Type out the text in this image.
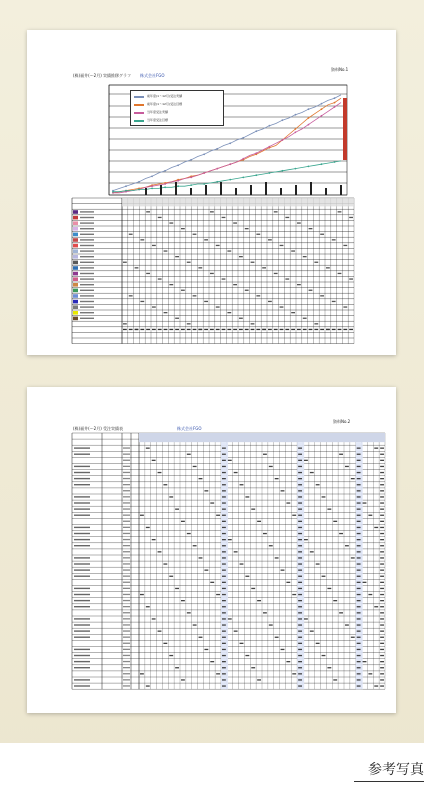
(株)福井(〜2月) 実績推移グラフ 株式会社FGO
資料No.1
前年度(1〜12月)受注実績
前年度(1〜12月)受注目標
当年度受注実績
当年度受注目標
(株)福井(〜2月) 受注実績表	株式会社FGO
資料No.2
参考写真
